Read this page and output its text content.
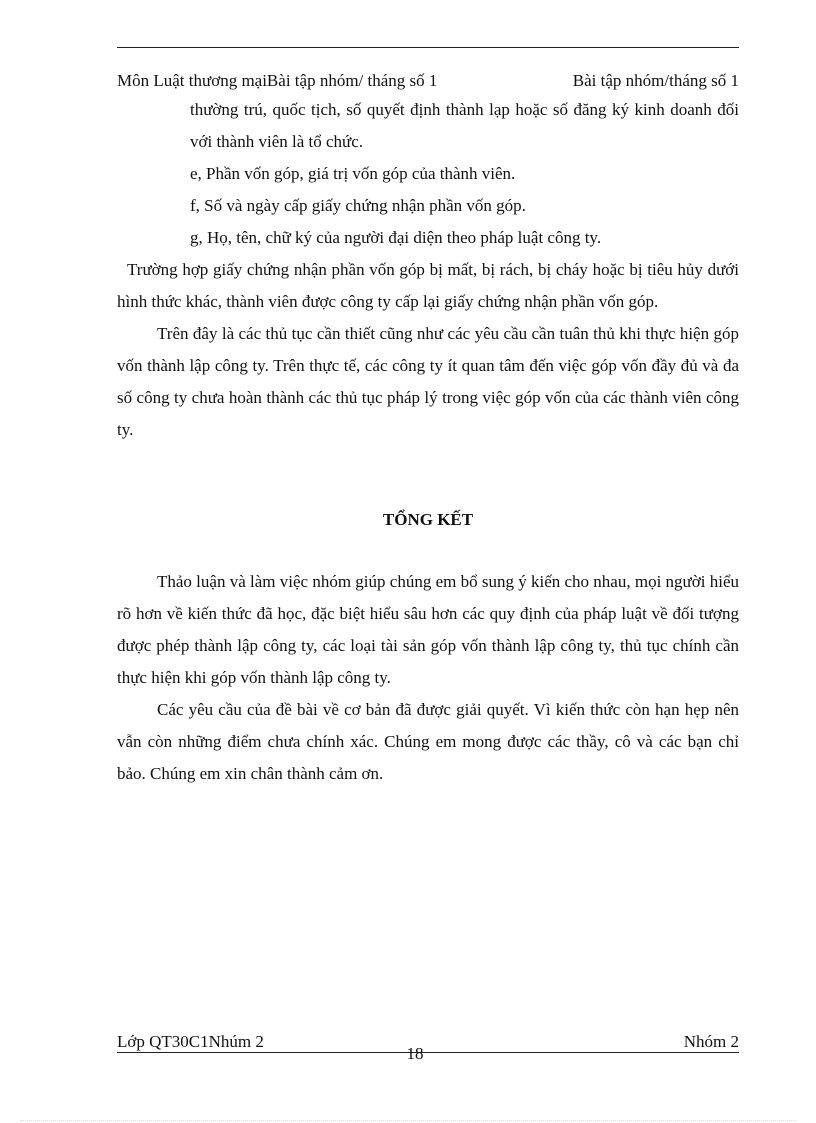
Môn Luật thương mạiBài tập nhóm/ tháng số 1	Bài tập nhóm/tháng số 1

thường trú, quốc tịch, số quyết định thành lạp hoặc số đăng ký kinh doanh đối với thành viên là tổ chức.

e, Phần vốn góp, giá trị vốn góp của thành viên.

f, Số và ngày cấp giấy chứng nhận phần vốn góp.

g, Họ, tên, chữ ký của người đại diện theo pháp luật công ty.

Trường hợp giấy chứng nhận phần vốn góp bị mất, bị rách, bị cháy hoặc bị tiêu hủy dưới hình thức khác, thành viên được công ty cấp lại giấy chứng nhận phần vốn góp.

Trên đây là các thủ tục cần thiết cũng như các yêu cầu cần tuân thủ khi thực hiện góp vốn thành lập công ty. Trên thực tế, các công ty ít quan tâm đến việc góp vốn đầy đủ và đa số công ty chưa hoàn thành các thủ tục pháp lý trong việc góp vốn của các thành viên công ty.

TỔNG KẾT

Thảo luận và làm việc nhóm giúp chúng em bổ sung ý kiến cho nhau, mọi người hiểu rõ hơn về kiến thức đã học, đặc biệt hiểu sâu hơn các quy định của pháp luật về đối tượng được phép thành lập công ty, các loại tài sản góp vốn thành lập công ty, thủ tục chính cần thực hiện khi góp vốn thành lập công ty.

Các yêu cầu của đề bài về cơ bản đã được giải quyết. Vì kiến thức còn hạn hẹp nên vẫn còn những điểm chưa chính xác. Chúng em mong được các thầy, cô và các bạn chỉ bảo. Chúng em xin chân thành cảm ơn.

Lớp QT30C1Nhúm 2	Nhóm 2
18
